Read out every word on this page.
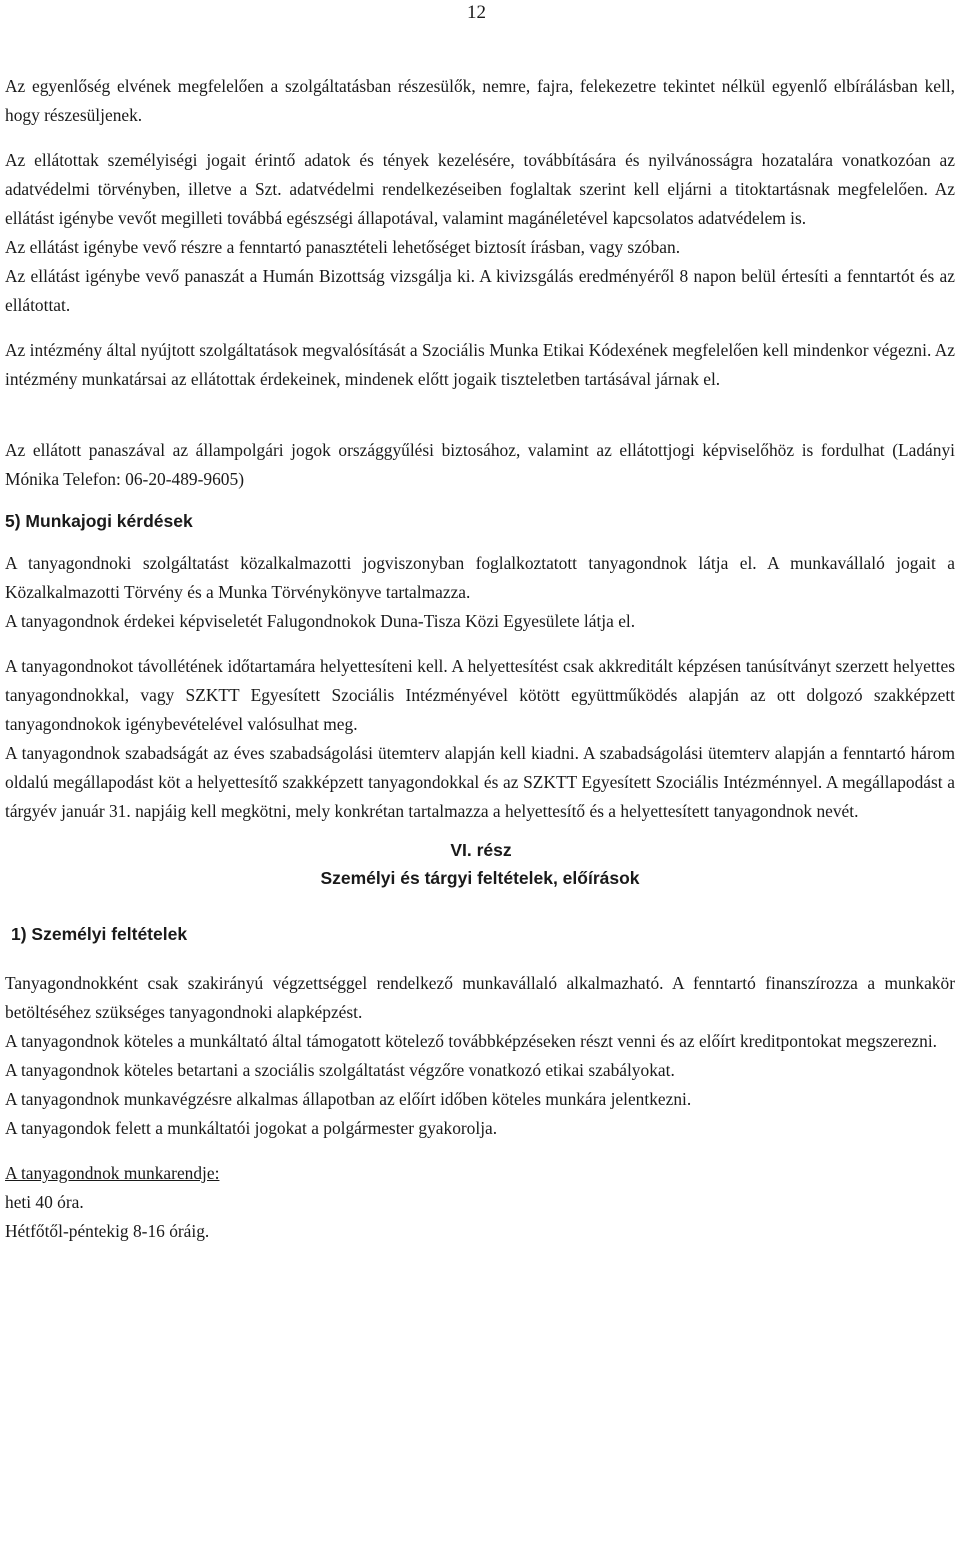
12

Az egyenlőség elvének megfelelően a szolgáltatásban részesülők, nemre, fajra, felekezetre tekintet nélkül egyenlő elbírálásban kell, hogy részesüljenek.

Az ellátottak személyiségi jogait érintő adatok és tények kezelésére, továbbítására és nyilvánosságra hozatalára vonatkozóan az adatvédelmi törvényben, illetve a Szt. adatvédelmi rendelkezéseiben foglaltak szerint kell eljárni a titoktartásnak megfelelően. Az ellátást igénybe vevőt megilleti továbbá egészségi állapotával, valamint magánéletével kapcsolatos adatvédelem is.

Az ellátást igénybe vevő részre a fenntartó panasztételi lehetőséget biztosít írásban, vagy szóban.

Az ellátást igénybe vevő panaszát a Humán Bizottság vizsgálja ki. A kivizsgálás eredményéről 8 napon belül értesíti a fenntartót és az ellátottat.

Az intézmény által nyújtott szolgáltatások megvalósítását a Szociális Munka Etikai Kódexének megfelelően kell mindenkor végezni. Az intézmény munkatársai az ellátottak érdekeinek, mindenek előtt jogaik tiszteletben tartásával járnak el.

Az ellátott panaszával az állampolgári jogok országgyűlési biztosához, valamint az ellátottjogi képviselőhöz is fordulhat (Ladányi Mónika Telefon: 06-20-489-9605)

5) Munkajogi kérdések

A tanyagondnoki szolgáltatást közalkalmazotti jogviszonyban foglalkoztatott tanyagondnok látja el. A munkavállaló jogait a Közalkalmazotti Törvény és a Munka Törvénykönyve tartalmazza.

A tanyagondnok érdekei képviseletét Falugondnokok Duna-Tisza Közi Egyesülete látja el.

A tanyagondnokot távollétének időtartamára helyettesíteni kell. A helyettesítést csak akkreditált képzésen tanúsítványt szerzett helyettes tanyagondnokkal, vagy SZKTT Egyesített Szociális Intézményével kötött együttműködés alapján az ott dolgozó szakképzett tanyagondnokok igénybevételével valósulhat meg.

A tanyagondnok szabadságát az éves szabadságolási ütemterv alapján kell kiadni. A szabadságolási ütemterv alapján a fenntartó három oldalú megállapodást köt a helyettesítő szakképzett tanyagondokkal és az SZKTT Egyesített Szociális Intézménnyel. A megállapodást a tárgyév január 31. napjáig kell megkötni, mely konkrétan tartalmazza a helyettesítő és a helyettesített tanyagondnok nevét.

VI. rész
Személyi és tárgyi feltételek, előírások
1) Személyi feltételek

Tanyagondnokként csak szakirányú végzettséggel rendelkező munkavállaló alkalmazható. A fenntartó finanszírozza a munkakör betöltéséhez szükséges tanyagondnoki alapképzést.

A tanyagondnok köteles a munkáltató által támogatott kötelező továbbképzéseken részt venni és az előírt kreditpontokat megszerezni.

A tanyagondnok köteles betartani a szociális szolgáltatást végzőre vonatkozó etikai szabályokat.

A tanyagondnok munkavégzésre alkalmas állapotban az előírt időben köteles munkára jelentkezni.

A tanyagondok felett a munkáltatói jogokat a polgármester gyakorolja.

A tanyagondnok munkarendje:

heti 40 óra.

Hétfőtől-péntekig 8-16 óráig.
